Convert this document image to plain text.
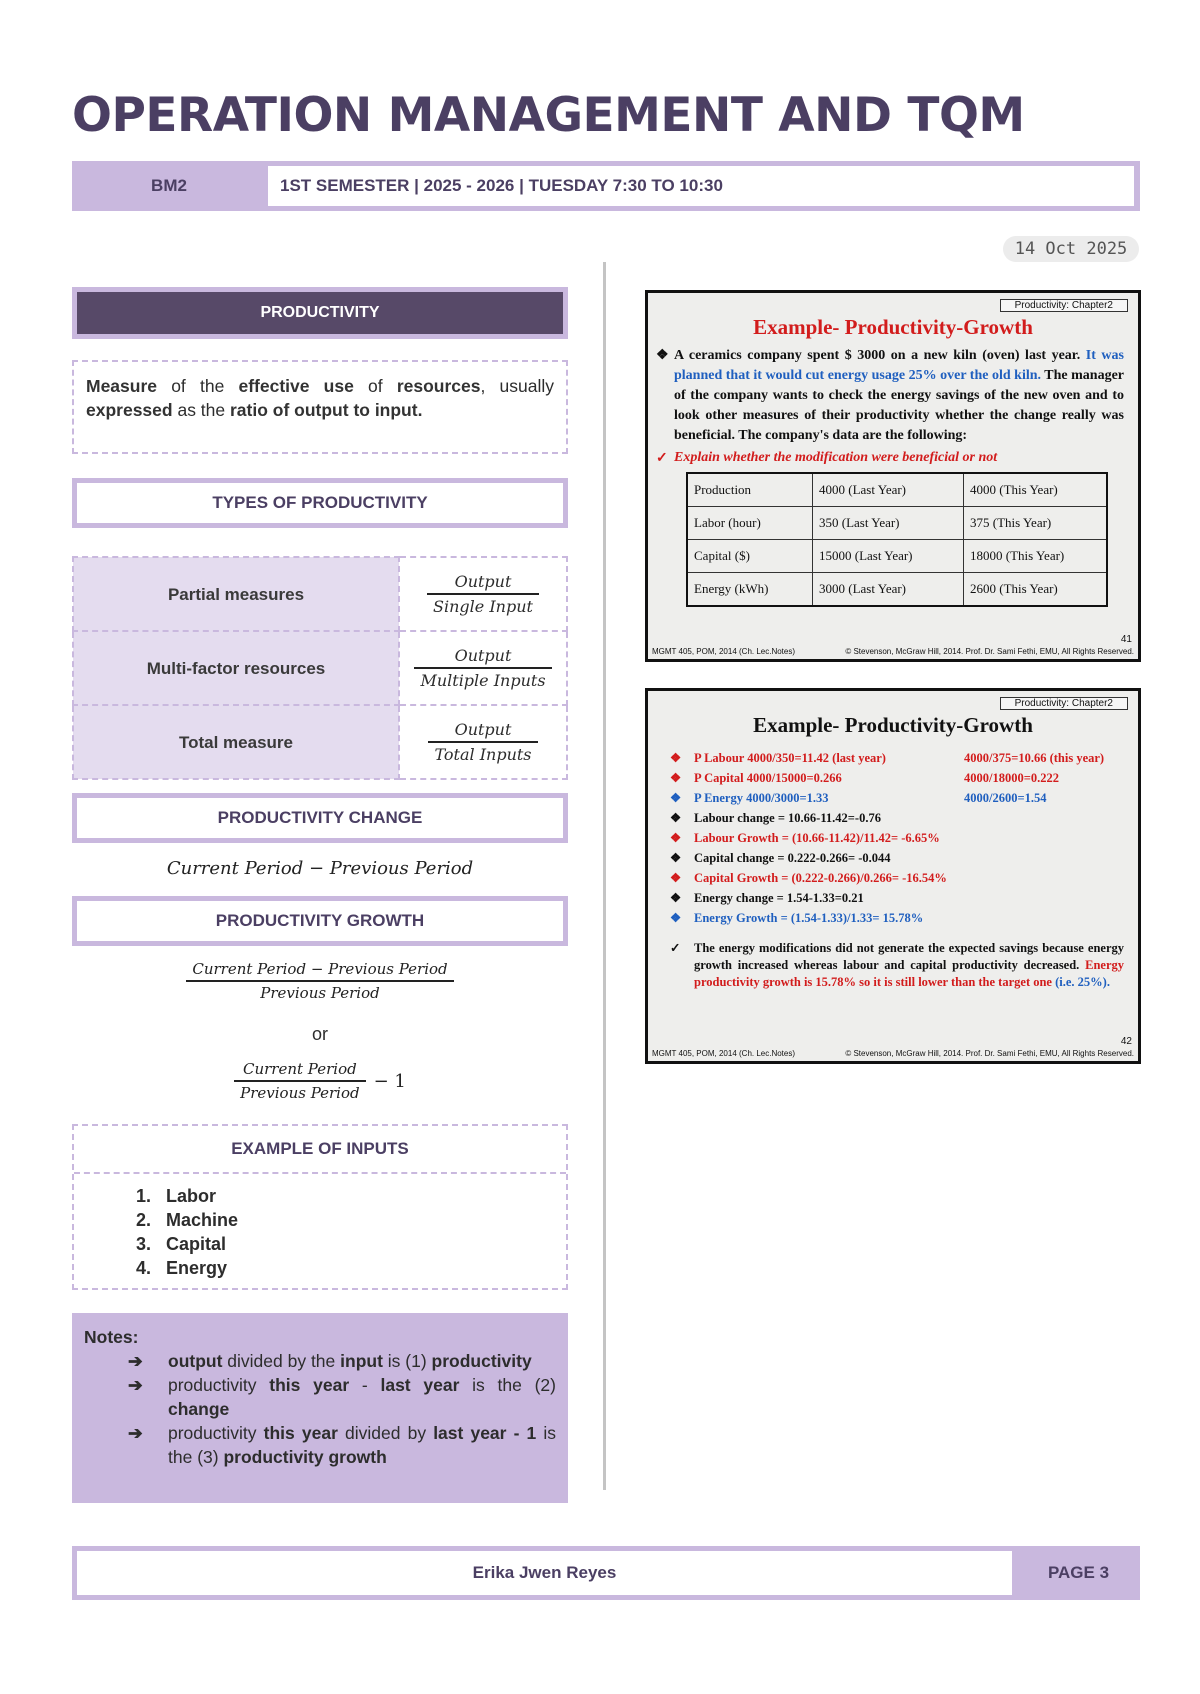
OPERATION MANAGEMENT AND TQM
BM2	1ST SEMESTER | 2025 - 2026 | TUESDAY 7:30 TO 10:30
14 Oct 2025
PRODUCTIVITY
Measure of the effective use of resources, usually expressed as the ratio of output to input.
TYPES OF PRODUCTIVITY
Partial measures	$\frac{\text{Output}}{\text{Single Input}}$

Multi-factor resources	$\frac{\text{Output}}{\text{Multiple Inputs}}$

Total measure	$\frac{\text{Output}}{\text{Total Inputs}}$
PRODUCTIVITY CHANGE
Current Period − Previous Period
PRODUCTIVITY GROWTH
$\frac{\text{Current Period − Previous Period}}{\text{Previous Period}}$
or
$\frac{\text{Current Period}}{\text{Previous Period}} - 1$
EXAMPLE OF INPUTS
1. Labor
2. Machine
3. Capital
4. Energy
Notes:
➔ output divided by the input is (1) productivity
➔ productivity this year - last year is the (2) change
➔ productivity this year divided by last year - 1 is the (3) productivity growth
Productivity: Chapter2
Example- Productivity-Growth
❖ A ceramics company spent $ 3000 on a new kiln (oven) last year. It was planned that it would cut energy usage 25% over the old kiln. The manager of the company wants to check the energy savings of the new oven and to look other measures of their productivity whether the change really was beneficial. The company's data are the following:
✓ Explain whether the modification were beneficial or not
Production	4000 (Last Year)	4000 (This Year)
Labor (hour)	350 (Last Year)	375 (This Year)
Capital ($)	15000 (Last Year)	18000 (This Year)
Energy (kWh)	3000 (Last Year)	2600 (This Year)
41
MGMT 405, POM, 2014 (Ch. Lec.Notes)	© Stevenson, McGraw Hill, 2014. Prof. Dr. Sami Fethi, EMU, All Rights Reserved.
Productivity: Chapter2
Example- Productivity-Growth
❖ P Labour 4000/350=11.42 (last year)	4000/375=10.66 (this year)
❖ P Capital 4000/15000=0.266	4000/18000=0.222
❖ P Energy 4000/3000=1.33	4000/2600=1.54
❖ Labour change = 10.66-11.42=-0.76
❖ Labour Growth = (10.66-11.42)/11.42= -6.65%
❖ Capital change = 0.222-0.266= -0.044
❖ Capital Growth = (0.222-0.266)/0.266= -16.54%
❖ Energy change = 1.54-1.33=0.21
❖ Energy Growth = (1.54-1.33)/1.33= 15.78%
✓ The energy modifications did not generate the expected savings because energy growth increased whereas labour and capital productivity decreased. Energy productivity growth is 15.78% so it is still lower than the target one (i.e. 25%).
42
MGMT 405, POM, 2014 (Ch. Lec.Notes)	© Stevenson, McGraw Hill, 2014. Prof. Dr. Sami Fethi, EMU, All Rights Reserved.
Erika Jwen Reyes	PAGE 3
